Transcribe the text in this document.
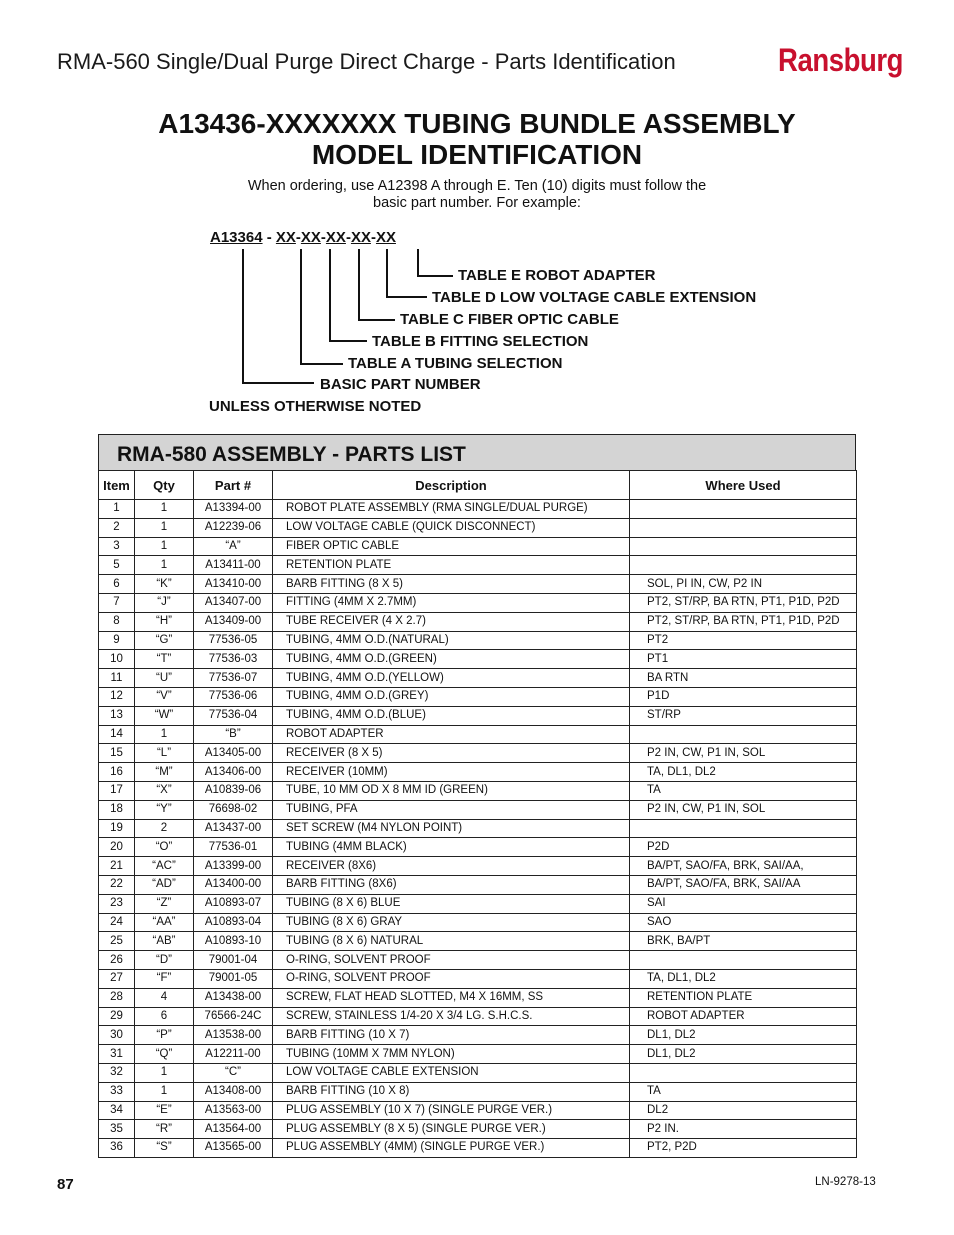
RMA-560 Single/Dual Purge Direct Charge - Parts Identification	Ransburg
A13436-XXXXXXX TUBING BUNDLE ASSEMBLY
MODEL IDENTIFICATION
When ordering, use A12398 A through E. Ten (10) digits must follow the
basic part number. For example:
A13364 - XX-XX-XX-XX-XX
TABLE E ROBOT ADAPTER
TABLE D LOW VOLTAGE CABLE EXTENSION
TABLE C FIBER OPTIC CABLE
TABLE B FITTING SELECTION
TABLE A TUBING SELECTION
BASIC PART NUMBER
UNLESS OTHERWISE NOTED
RMA-580 ASSEMBLY - PARTS LIST
Item	Qty	Part #	Description	Where Used
1	1	A13394-00	ROBOT PLATE ASSEMBLY (RMA SINGLE/DUAL PURGE)	
2	1	A12239-06	LOW VOLTAGE CABLE (QUICK DISCONNECT)	
3	1	“A”	FIBER OPTIC CABLE	
5	1	A13411-00	RETENTION PLATE	
6	“K”	A13410-00	BARB FITTING (8 X 5)	SOL, PI IN, CW, P2 IN
7	“J”	A13407-00	FITTING (4MM X 2.7MM)	PT2, ST/RP, BA RTN, PT1, P1D, P2D
8	“H”	A13409-00	TUBE RECEIVER (4 X 2.7)	PT2, ST/RP, BA RTN, PT1, P1D, P2D
9	“G”	77536-05	TUBING, 4MM O.D.(NATURAL)	PT2
10	“T”	77536-03	TUBING, 4MM O.D.(GREEN)	PT1
11	“U”	77536-07	TUBING, 4MM O.D.(YELLOW)	BA RTN
12	“V”	77536-06	TUBING, 4MM O.D.(GREY)	P1D
13	“W”	77536-04	TUBING, 4MM O.D.(BLUE)	ST/RP
14	1	“B”	ROBOT ADAPTER	
15	“L”	A13405-00	RECEIVER (8 X 5)	P2 IN, CW, P1 IN, SOL
16	“M”	A13406-00	RECEIVER (10MM)	TA, DL1, DL2
17	“X”	A10839-06	TUBE, 10 MM OD X 8 MM ID (GREEN)	TA
18	“Y”	76698-02	TUBING, PFA	P2 IN, CW, P1 IN, SOL
19	2	A13437-00	SET SCREW (M4 NYLON POINT)	
20	“O”	77536-01	TUBING (4MM BLACK)	P2D
21	“AC”	A13399-00	RECEIVER (8X6)	BA/PT, SAO/FA, BRK, SAI/AA,
22	“AD”	A13400-00	BARB FITTING (8X6)	BA/PT, SAO/FA, BRK, SAI/AA
23	“Z”	A10893-07	TUBING (8 X 6) BLUE	SAI
24	“AA”	A10893-04	TUBING (8 X 6) GRAY	SAO
25	“AB”	A10893-10	TUBING (8 X 6) NATURAL	BRK, BA/PT
26	“D”	79001-04	O-RING, SOLVENT PROOF	
27	“F”	79001-05	O-RING, SOLVENT PROOF	TA, DL1, DL2
28	4	A13438-00	SCREW, FLAT HEAD SLOTTED, M4 X 16MM, SS	RETENTION PLATE
29	6	76566-24C	SCREW, STAINLESS 1/4-20 X 3/4 LG. S.H.C.S.	ROBOT ADAPTER
30	“P”	A13538-00	BARB FITTING (10 X 7)	DL1, DL2
31	“Q”	A12211-00	TUBING (10MM X 7MM NYLON)	DL1, DL2
32	1	“C”	LOW VOLTAGE CABLE EXTENSION	
33	1	A13408-00	BARB FITTING (10 X 8)	TA
34	“E”	A13563-00	PLUG ASSEMBLY (10 X 7) (SINGLE PURGE VER.)	DL2
35	“R”	A13564-00	PLUG ASSEMBLY (8 X 5) (SINGLE PURGE VER.)	P2 IN.
36	“S”	A13565-00	PLUG ASSEMBLY (4MM) (SINGLE PURGE VER.)	PT2, P2D
87	LN-9278-13
